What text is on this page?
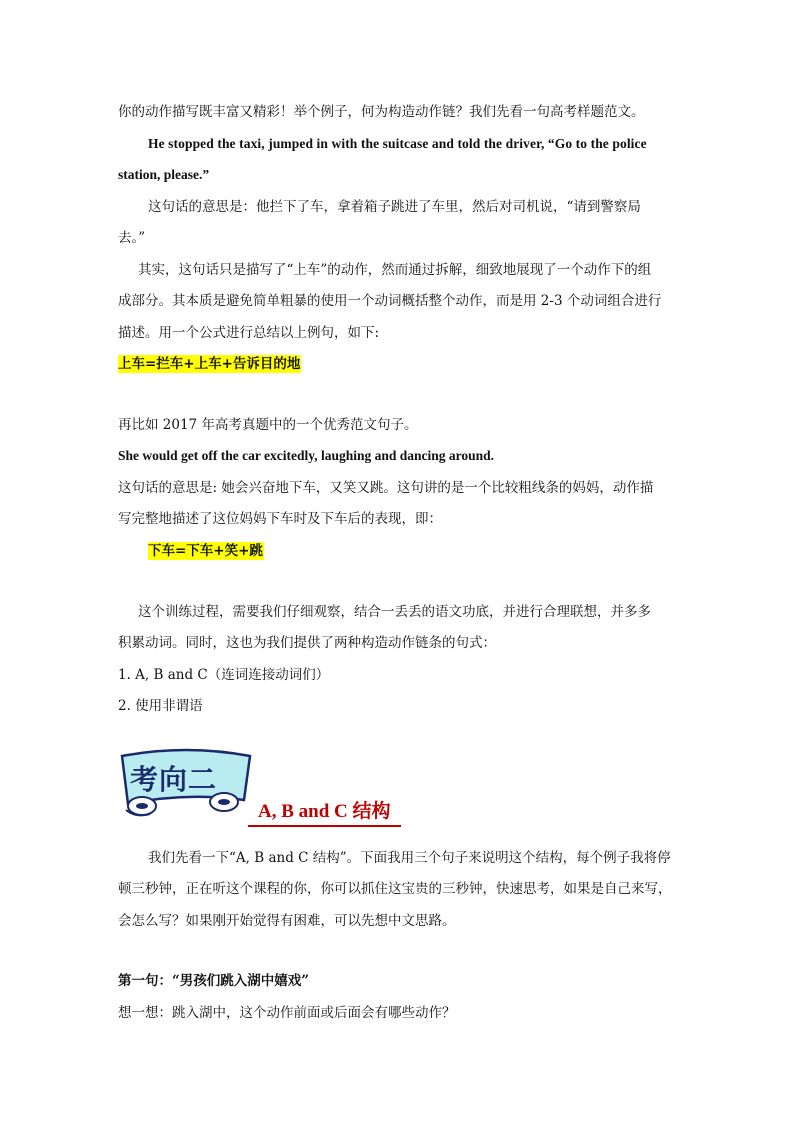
你的动作描写既丰富又精彩！举个例子，何为构造动作链？我们先看一句高考样题范文。
He stopped the taxi, jumped in with the suitcase and told the driver, “Go to the police
station, please.”
这句话的意思是：他拦下了车，拿着箱子跳进了车里，然后对司机说，“请到警察局
去。”
其实，这句话只是描写了“上车”的动作，然而通过拆解，细致地展现了一个动作下的组
成部分。其本质是避免简单粗暴的使用一个动词概括整个动作，而是用 2-3 个动词组合进行
描述。用一个公式进行总结以上例句，如下:
上车=拦车+上车+告诉目的地
再比如 2017 年高考真题中的一个优秀范文句子。
She would get off the car excitedly, laughing and dancing around.
这句话的意思是: 她会兴奋地下车，又笑又跳。这句讲的是一个比较粗线条的妈妈，动作描
写完整地描述了这位妈妈下车时及下车后的表现，即：
下车=下车+笑+跳
这个训练过程，需要我们仔细观察，结合一丢丢的语文功底，并进行合理联想，并多多
积累动词。同时，这也为我们提供了两种构造动作链条的句式：
1. A, B and C（连词连接动词们）
2. 使用非谓语
考向二
A, B and C 结构
我们先看一下“A, B and C 结构”。下面我用三个句子来说明这个结构，每个例子我将停
顿三秒钟，正在听这个课程的你，你可以抓住这宝贵的三秒钟，快速思考，如果是自己来写，
会怎么写？如果刚开始觉得有困难，可以先想中文思路。
第一句：“男孩们跳入湖中嬉戏”
想一想：跳入湖中，这个动作前面或后面会有哪些动作？
